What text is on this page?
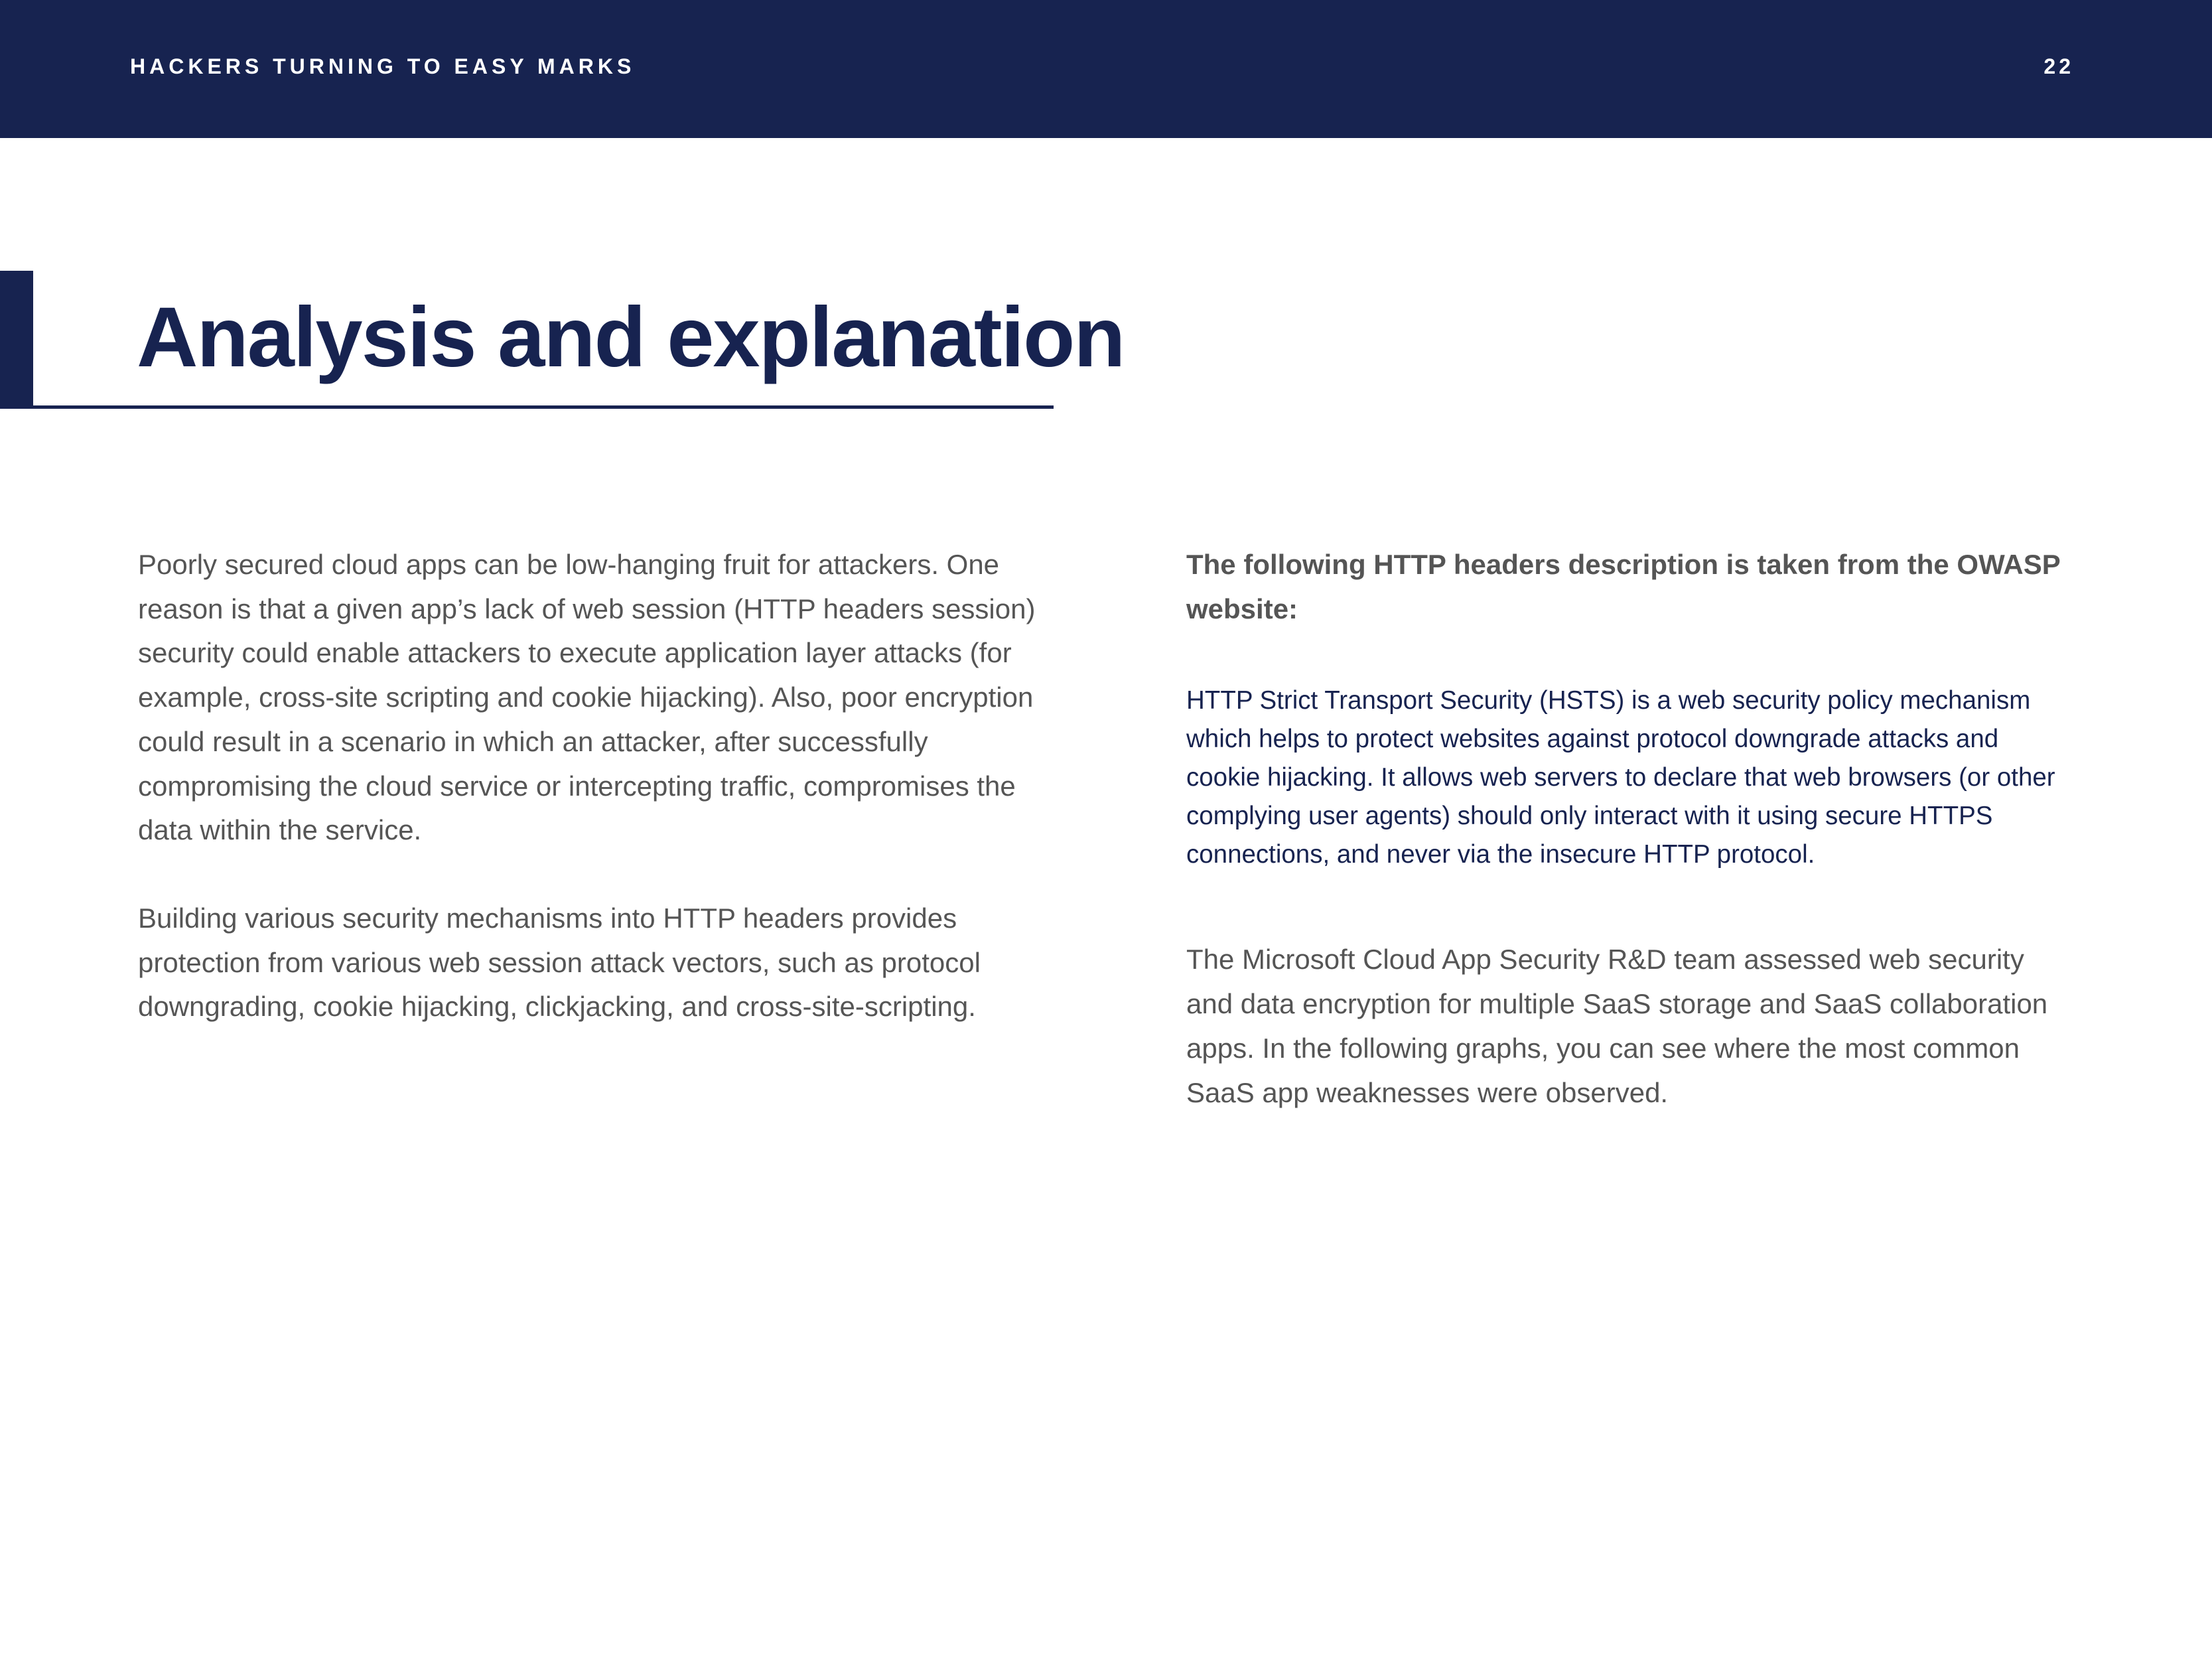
HACKERS TURNING TO EASY MARKS	22
Analysis and explanation

Poorly secured cloud apps can be low-hanging fruit for attackers. One reason is that a given app’s lack of web session (HTTP headers session) security could enable attackers to execute application layer attacks (for example, cross-site scripting and cookie hijacking). Also, poor encryption could result in a scenario in which an attacker, after successfully compromising the cloud service or intercepting traffic, compromises the data within the service.

Building various security mechanisms into HTTP headers provides protection from various web session attack vectors, such as protocol downgrading, cookie hijacking, clickjacking, and cross-site-scripting.

The following HTTP headers description is taken from the OWASP website:

HTTP Strict Transport Security (HSTS) is a web security policy mechanism which helps to protect websites against protocol downgrade attacks and cookie hijacking. It allows web servers to declare that web browsers (or other complying user agents) should only interact with it using secure HTTPS connections, and never via the insecure HTTP protocol.

The Microsoft Cloud App Security R&D team assessed web security and data encryption for multiple SaaS storage and SaaS collaboration apps. In the following graphs, you can see where the most common SaaS app weaknesses were observed.
